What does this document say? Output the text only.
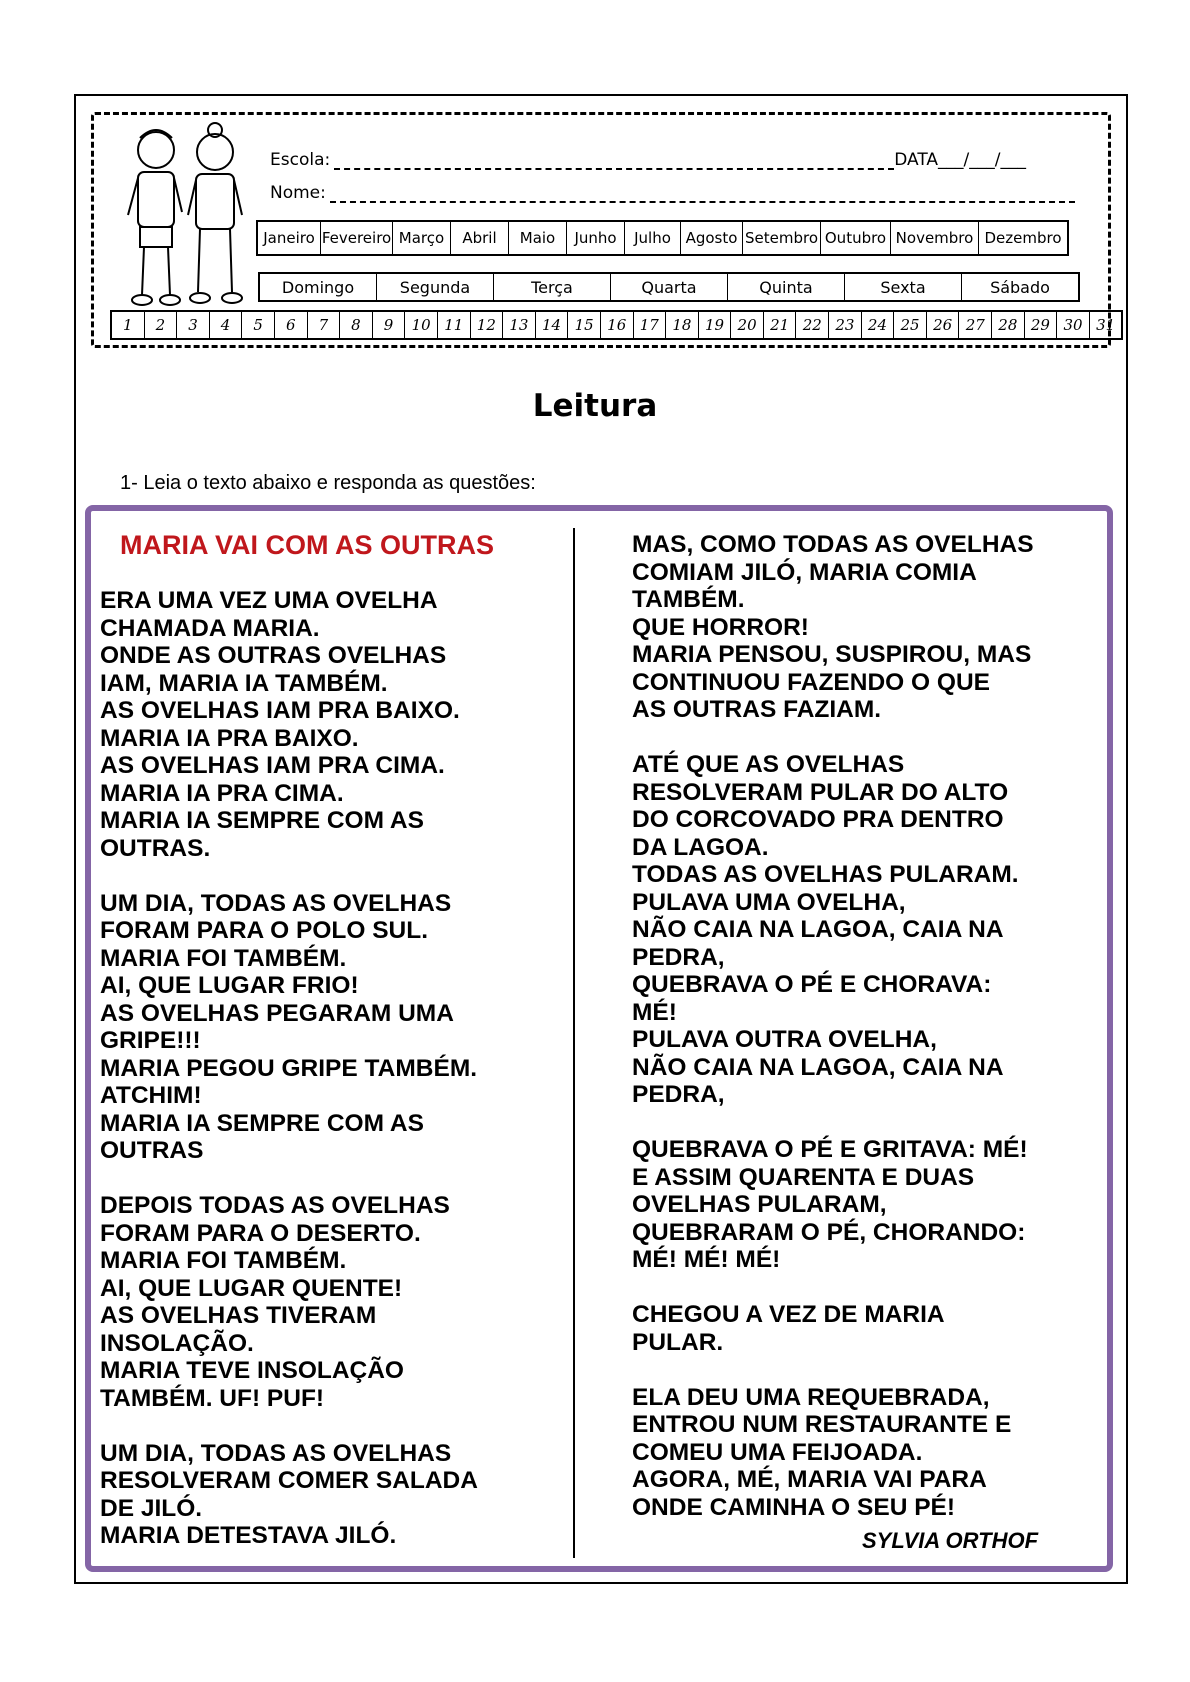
Escola:	DATA___/___/___
Nome:
Janeiro Fevereiro Março	Abril	Maio	Junho	Julho Agosto Setembro Outubro Novembro Dezembro
Domingo	Segunda	Terça	Quarta	Quinta	Sexta	Sábado
1	2	3	4	5	6	7	8	9	10 11 12 13 14 15 16 17 18 19 20 21 22 23 24 25 26 27 28 29 30 31
Leitura
1- Leia o texto abaixo e responda as questões:
MARIA VAI COM AS OUTRAS

ERA UMA VEZ UMA OVELHA

CHAMADA MARIA.

ONDE AS OUTRAS OVELHAS

IAM, MARIA IA TAMBÉM.

AS OVELHAS IAM PRA BAIXO.

MARIA IA PRA BAIXO.

AS OVELHAS IAM PRA CIMA.

MARIA IA PRA CIMA.

MARIA IA SEMPRE COM AS

OUTRAS.

UM DIA, TODAS AS OVELHAS

FORAM PARA O POLO SUL.

MARIA FOI TAMBÉM.

AI, QUE LUGAR FRIO!

AS OVELHAS PEGARAM UMA

GRIPE!!!

MARIA PEGOU GRIPE TAMBÉM.

ATCHIM!

MARIA IA SEMPRE COM AS

OUTRAS

DEPOIS TODAS AS OVELHAS

FORAM PARA O DESERTO.

MARIA FOI TAMBÉM.

AI, QUE LUGAR QUENTE!

AS OVELHAS TIVERAM

INSOLAÇÃO.

MARIA TEVE INSOLAÇÃO

TAMBÉM. UF! PUF!

UM DIA, TODAS AS OVELHAS

RESOLVERAM COMER SALADA

DE JILÓ.

MARIA DETESTAVA JILÓ.

MAS, COMO TODAS AS OVELHAS

COMIAM JILÓ, MARIA COMIA

TAMBÉM.

QUE HORROR!

MARIA PENSOU, SUSPIROU, MAS

CONTINUOU FAZENDO O QUE

AS OUTRAS FAZIAM.

ATÉ QUE AS OVELHAS

RESOLVERAM PULAR DO ALTO

DO CORCOVADO PRA DENTRO

DA LAGOA.

TODAS AS OVELHAS PULARAM.

PULAVA UMA OVELHA,

NÃO CAIA NA LAGOA, CAIA NA

PEDRA,

QUEBRAVA O PÉ E CHORAVA:

MÉ!

PULAVA OUTRA OVELHA,

NÃO CAIA NA LAGOA, CAIA NA

PEDRA,

QUEBRAVA O PÉ E GRITAVA: MÉ!

E ASSIM QUARENTA E DUAS

OVELHAS PULARAM,

QUEBRARAM O PÉ, CHORANDO:

MÉ! MÉ! MÉ!

CHEGOU A VEZ DE MARIA

PULAR.

ELA DEU UMA REQUEBRADA,

ENTROU NUM RESTAURANTE E

COMEU UMA FEIJOADA.

AGORA, MÉ, MARIA VAI PARA

ONDE CAMINHA O SEU PÉ!

SYLVIA ORTHOF
